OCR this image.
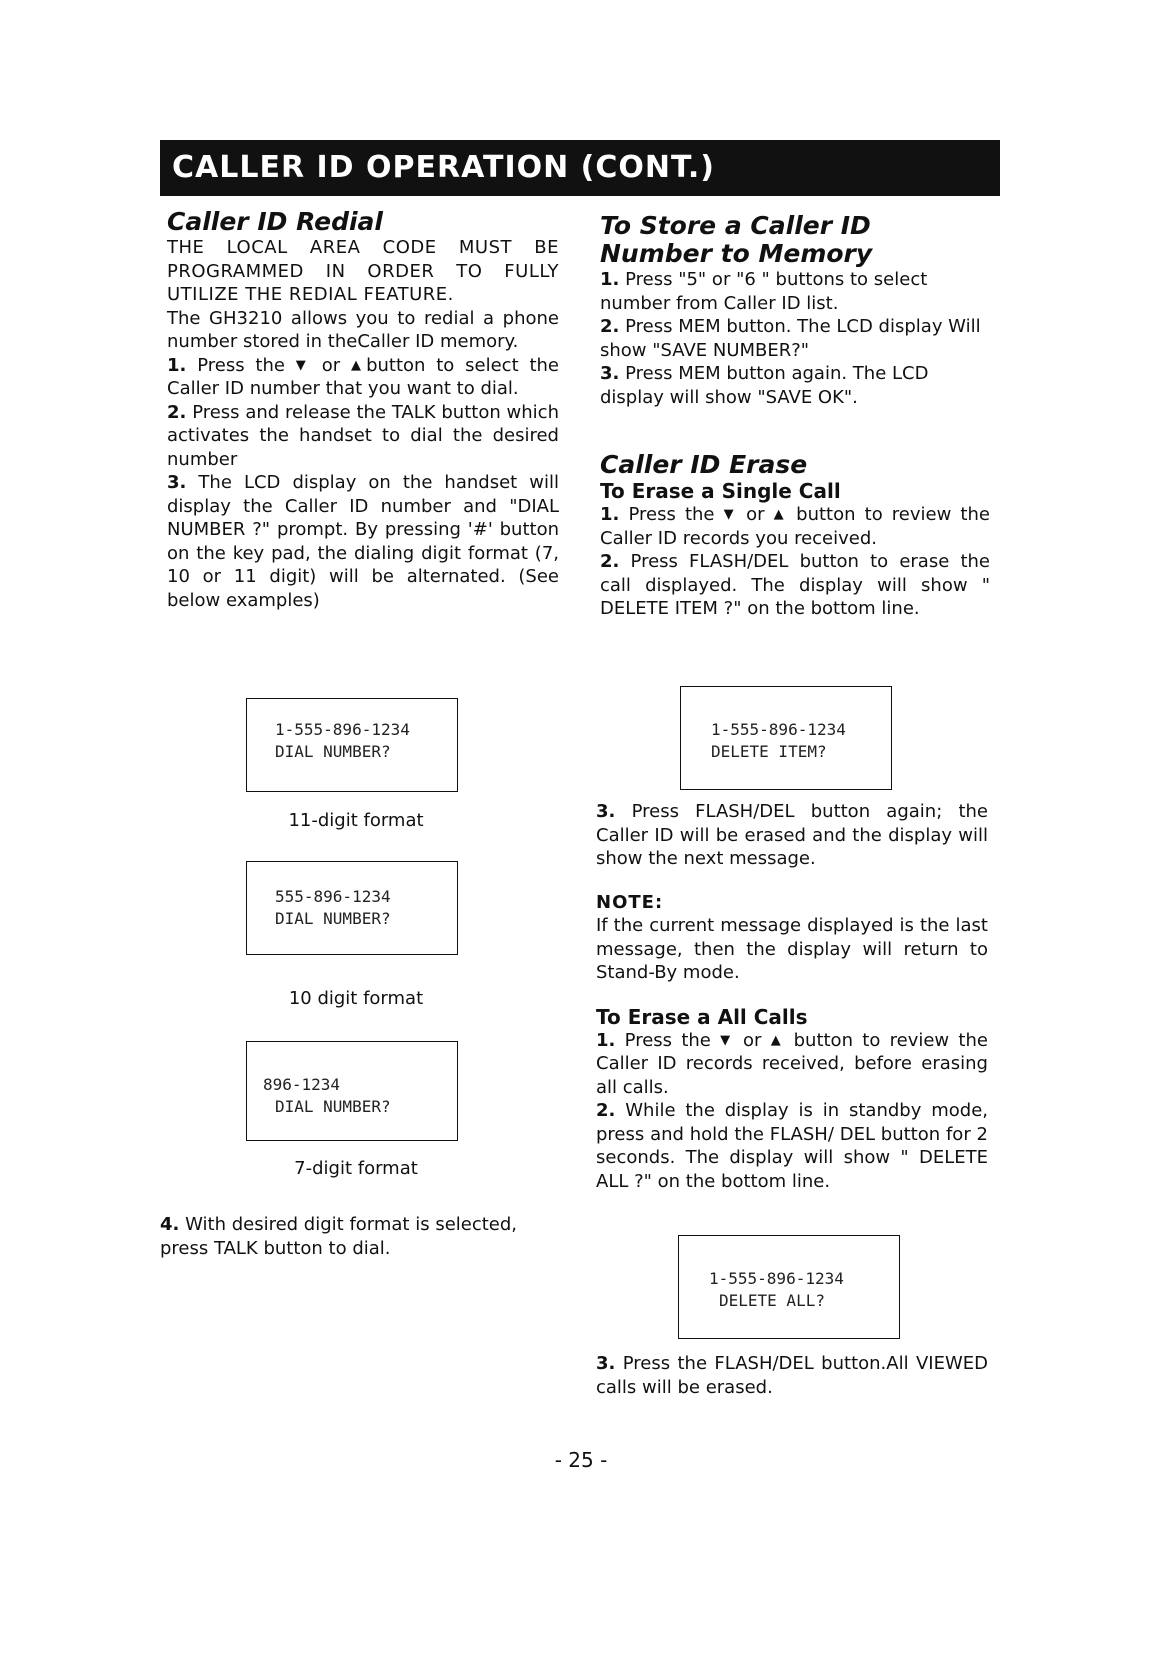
CALLER ID OPERATION (CONT.)
Caller ID Redial

THE LOCAL AREA CODE MUST BE PROGRAMMED IN ORDER TO FULLY UTILIZE THE REDIAL FEATURE.

The GH3210 allows you to redial a phone number stored in theCaller ID memory.

1. Press the ▼ or ▲button to select the Caller ID number that you want to dial.

2. Press and release the TALK button which activates the handset to dial the desired number

3. The LCD display on the handset will display the Caller ID number and "DIAL NUMBER ?" prompt. By pressing '#' button on the key pad, the dialing digit format (7, 10 or 11 digit) will be alternated. (See below examples)

1-555-896-1234
DIAL NUMBER?
11-digit format
555-896-1234
DIAL NUMBER?
10 digit format
896-1234
DIAL NUMBER?
7-digit format
4. With desired digit format is selected, press TALK button to dial.
To Store a Caller ID
Number to Memory

1. Press "5" or "6 " buttons to select number from Caller ID list.

2. Press MEM button. The LCD display Will show "SAVE NUMBER?"

3. Press MEM button again. The LCD display will show "SAVE OK".

Caller ID Erase
To Erase a Single Call

1. Press the ▼ or ▲ button to review the Caller ID records you received.

2. Press FLASH/DEL button to erase the call displayed. The display will show " DELETE ITEM ?" on the bottom line.

1-555-896-1234
DELETE ITEM?

3. Press FLASH/DEL button again; the Caller ID will be erased and the display will show the next message.

NOTE:

If the current message displayed is the last message, then the display will return to Stand-By mode.

To Erase a All Calls

1. Press the ▼ or ▲ button to review the Caller ID records received, before erasing all calls.

2. While the display is in standby mode, press and hold the FLASH/ DEL button for 2 seconds. The display will show " DELETE ALL ?" on the bottom line.

1-555-896-1234
DELETE ALL?

3. Press the FLASH/DEL button.All VIEWED calls will be erased.

- 25 -
